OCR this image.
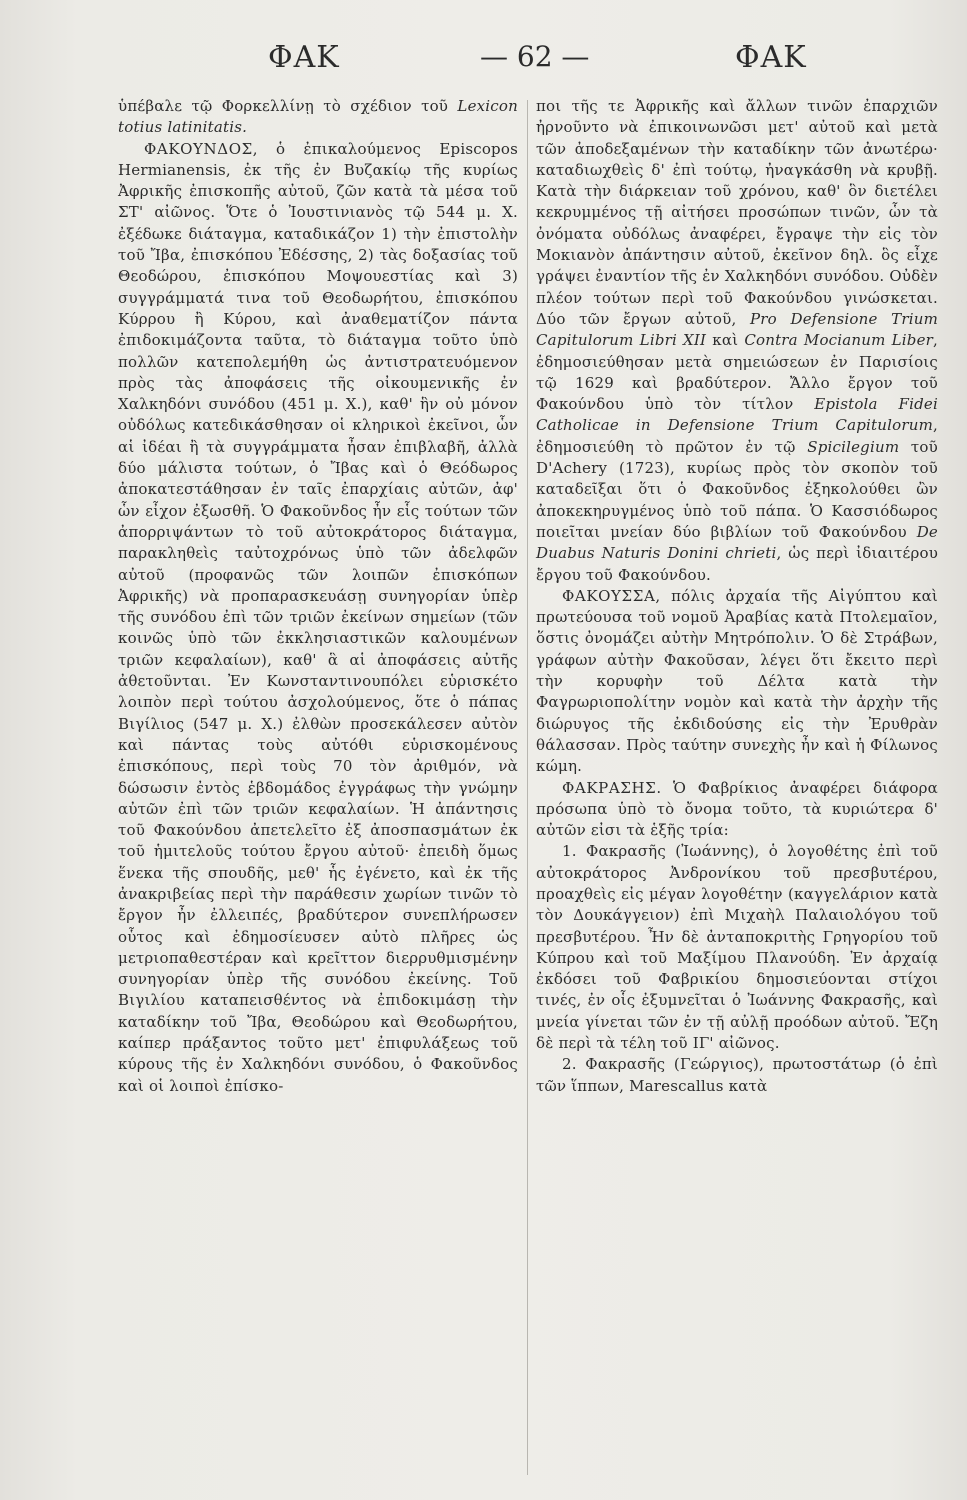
ΦΑΚ	— 62 —	ΦΑΚ

ὑπέβαλε τῷ Φορκελλίνῃ τὸ σχέδιον τοῦ Lexicon totius latinitatis.

ΦΑΚΟΥΝΔΟΣ, ὁ ἐπικαλούμενος Episcopos Hermianensis, ἐκ τῆς ἐν Βυζακίῳ τῆς κυρίως Ἀφρικῆς ἐπισκοπῆς αὐτοῦ, ζῶν κατὰ τὰ μέσα τοῦ ΣΤ' αἰῶνος. Ὅτε ὁ Ἰουστινιανὸς τῷ 544 μ. Χ. ἐξέδωκε διάταγμα, καταδικάζον 1) τὴν ἐπιστολὴν τοῦ Ἴβα, ἐπισκόπου Ἐδέσσης, 2) τὰς δοξασίας τοῦ Θεοδώρου, ἐπισκόπου Μοψουεστίας καὶ 3) συγγράμματά τινα τοῦ Θεοδωρήτου, ἐπισκόπου Κύρρου ἢ Κύρου, καὶ ἀναθεματίζον πάντα ἐπιδοκιμάζοντα ταῦτα, τὸ διάταγμα τοῦτο ὑπὸ πολλῶν κατεπολεμήθη ὡς ἀντιστρατευόμενον πρὸς τὰς ἀποφάσεις τῆς οἰκουμενικῆς ἐν Χαλκηδόνι συνόδου (451 μ. Χ.), καθ' ἣν οὐ μόνον οὐδόλως κατεδικάσθησαν οἱ κληρικοὶ ἐκεῖνοι, ὧν αἱ ἰδέαι ἢ τὰ συγγράμματα ἦσαν ἐπιβλαβῆ, ἀλλὰ δύο μάλιστα τούτων, ὁ Ἴβας καὶ ὁ Θεόδωρος ἀποκατεστάθησαν ἐν ταῖς ἐπαρχίαις αὐτῶν, ἀφ' ὧν εἶχον ἐξωσθῆ. Ὁ Φακοῦνδος ἦν εἷς τούτων τῶν ἀπορριψάντων τὸ τοῦ αὐτοκράτορος διάταγμα, παρακληθεὶς ταὐτοχρόνως ὑπὸ τῶν ἀδελφῶν αὐτοῦ (προφανῶς τῶν λοιπῶν ἐπισκόπων Ἀφρικῆς) νὰ προπαρασκευάσῃ συνηγορίαν ὑπὲρ τῆς συνόδου ἐπὶ τῶν τριῶν ἐκείνων σημείων (τῶν κοινῶς ὑπὸ τῶν ἐκκλησιαστικῶν καλουμένων τριῶν κεφαλαίων), καθ' ἃ αἱ ἀποφάσεις αὐτῆς ἀθετοῦνται. Ἐν Κωνσταντινουπόλει εὑρισκέτο λοιπὸν περὶ τούτου ἀσχολούμενος, ὅτε ὁ πάπας Βιγίλιος (547 μ. Χ.) ἐλθὼν προσεκάλεσεν αὐτὸν καὶ πάντας τοὺς αὐτόθι εὑρισκομένους ἐπισκόπους, περὶ τοὺς 70 τὸν ἀριθμόν, νὰ δώσωσιν ἐντὸς ἑβδομάδος ἐγγράφως τὴν γνώμην αὐτῶν ἐπὶ τῶν τριῶν κεφαλαίων. Ἡ ἀπάντησις τοῦ Φακούνδου ἀπετελεῖτο ἐξ ἀποσπασμάτων ἐκ τοῦ ἡμιτελοῦς τούτου ἔργου αὐτοῦ· ἐπειδὴ ὅμως ἕνεκα τῆς σπουδῆς, μεθ' ἧς ἐγένετο, καὶ ἐκ τῆς ἀνακριβείας περὶ τὴν παράθεσιν χωρίων τινῶν τὸ ἔργον ἦν ἐλλειπές, βραδύτερον συνεπλήρωσεν οὗτος καὶ ἐδημοσίευσεν αὐτὸ πλῆρες ὡς μετριοπαθεστέραν καὶ κρεῖττον διερρυθμισμένην συνηγορίαν ὑπὲρ τῆς συνόδου ἐκείνης. Τοῦ Βιγιλίου καταπεισθέντος νὰ ἐπιδοκιμάσῃ τὴν καταδίκην τοῦ Ἴβα, Θεοδώρου καὶ Θεοδωρήτου, καίπερ πράξαντος τοῦτο μετ' ἐπιφυλάξεως τοῦ κύρους τῆς ἐν Χαλκηδόνι συνόδου, ὁ Φακοῦνδος καὶ οἱ λοιποὶ ἐπίσκο-

ποι τῆς τε Ἀφρικῆς καὶ ἄλλων τινῶν ἐπαρχιῶν ἠρνοῦντο νὰ ἐπικοινωνῶσι μετ' αὐτοῦ καὶ μετὰ τῶν ἀποδεξαμένων τὴν καταδίκην τῶν ἀνωτέρω· καταδιωχθεὶς δ' ἐπὶ τούτῳ, ἠναγκάσθη νὰ κρυβῇ. Κατὰ τὴν διάρκειαν τοῦ χρόνου, καθ' ὃν διετέλει κεκρυμμένος τῇ αἰτήσει προσώπων τινῶν, ὧν τὰ ὀνόματα οὐδόλως ἀναφέρει, ἔγραψε τὴν εἰς τὸν Μοκιανὸν ἀπάντησιν αὐτοῦ, ἐκεῖνον δηλ. ὃς εἶχε γράψει ἐναντίον τῆς ἐν Χαλκηδόνι συνόδου. Οὐδὲν πλέον τούτων περὶ τοῦ Φακούνδου γινώσκεται. Δύο τῶν ἔργων αὐτοῦ, Pro Defensione Trium Capitulorum Libri XII καὶ Contra Mocianum Liber, ἐδημοσιεύθησαν μετὰ σημειώσεων ἐν Παρισίοις τῷ 1629 καὶ βραδύτερον. Ἄλλο ἔργον τοῦ Φακούνδου ὑπὸ τὸν τίτλον Epistola Fidei Catholicae in Defensione Trium Capitulorum, ἐδημοσιεύθη τὸ πρῶτον ἐν τῷ Spicilegium τοῦ D'Achery (1723), κυρίως πρὸς τὸν σκοπὸν τοῦ καταδεῖξαι ὅτι ὁ Φακοῦνδος ἐξηκολούθει ὢν ἀποκεκηρυγμένος ὑπὸ τοῦ πάπα. Ὁ Κασσιόδωρος ποιεῖται μνείαν δύο βιβλίων τοῦ Φακούνδου De Duabus Naturis Donini chrieti, ὡς περὶ ἰδιαιτέρου ἔργου τοῦ Φακούνδου.

ΦΑΚΟΥΣΣΑ, πόλις ἀρχαία τῆς Αἰγύπτου καὶ πρωτεύουσα τοῦ νομοῦ Ἀραβίας κατὰ Πτολεμαῖον, ὅστις ὀνομάζει αὐτὴν Μητρόπολιν. Ὁ δὲ Στράβων, γράφων αὐτὴν Φακοῦσαν, λέγει ὅτι ἔκειτο περὶ τὴν κορυφὴν τοῦ Δέλτα κατὰ τὴν Φαγρωριοπολίτην νομὸν καὶ κατὰ τὴν ἀρχὴν τῆς διώρυγος τῆς ἐκδιδούσης εἰς τὴν Ἐρυθρὰν θάλασσαν. Πρὸς ταύτην συνεχὴς ἦν καὶ ἡ Φίλωνος κώμη.

ΦΑΚΡΑΣΗΣ. Ὁ Φαβρίκιος ἀναφέρει διάφορα πρόσωπα ὑπὸ τὸ ὄνομα τοῦτο, τὰ κυριώτερα δ' αὐτῶν εἰσι τὰ ἑξῆς τρία:

1. Φακρασῆς (Ἰωάννης), ὁ λογοθέτης ἐπὶ τοῦ αὐτοκράτορος Ἀνδρονίκου τοῦ πρεσβυτέρου, προαχθεὶς εἰς μέγαν λογοθέτην (καγγελάριον κατὰ τὸν Δουκάγγειον) ἐπὶ Μιχαὴλ Παλαιολόγου τοῦ πρεσβυτέρου. Ἦν δὲ ἀνταποκριτὴς Γρηγορίου τοῦ Κύπρου καὶ τοῦ Μαξίμου Πλανούδη. Ἐν ἀρχαίᾳ ἐκδόσει τοῦ Φαβρικίου δημοσιεύονται στίχοι τινές, ἐν οἷς ἐξυμνεῖται ὁ Ἰωάννης Φακρασῆς, καὶ μνεία γίνεται τῶν ἐν τῇ αὐλῇ προόδων αὐτοῦ. Ἔζη δὲ περὶ τὰ τέλη τοῦ ΙΓ' αἰῶνος.

2. Φακρασῆς (Γεώργιος), πρωτοστάτωρ (ὁ ἐπὶ τῶν ἵππων, Marescallus κατὰ
